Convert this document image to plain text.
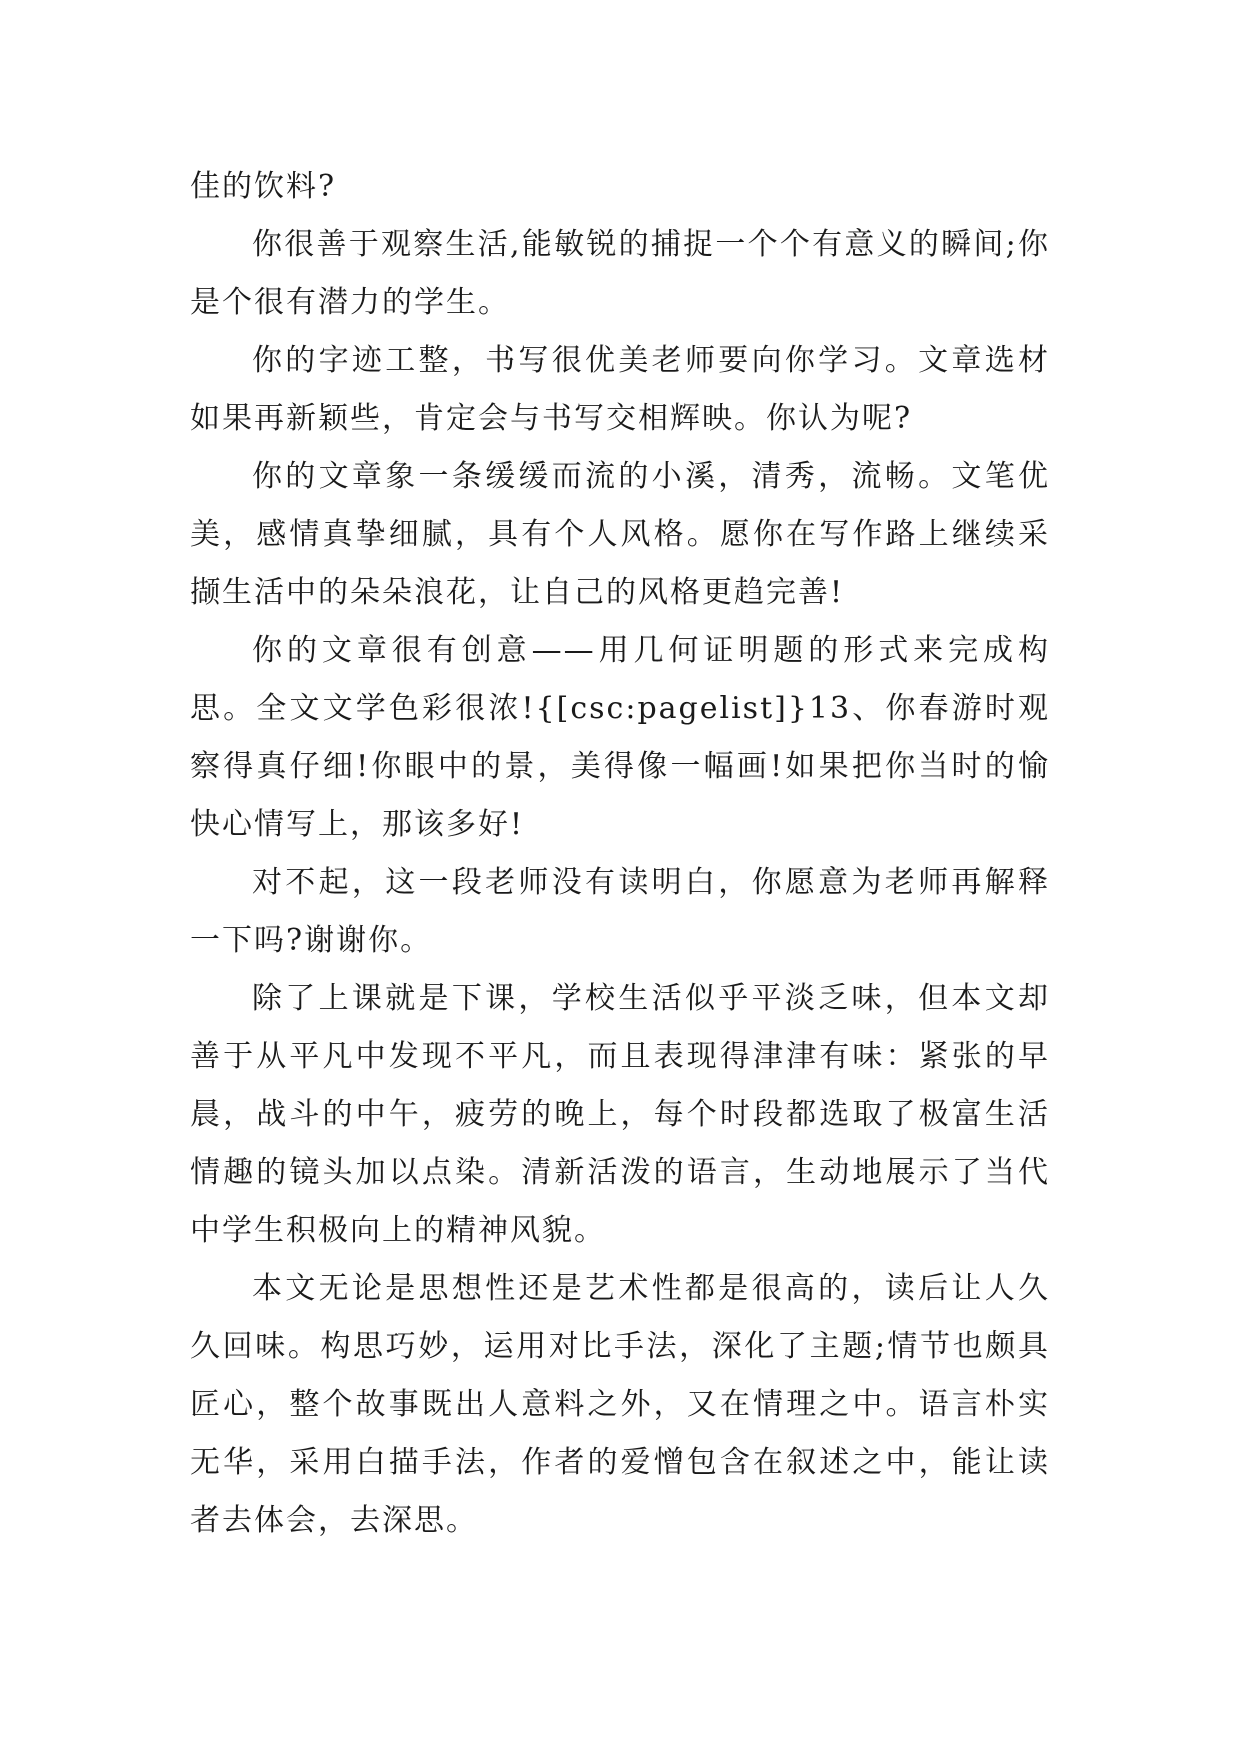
佳的饮料?

你很善于观察生活,能敏锐的捕捉一个个有意义的瞬间;你是个很有潜力的学生。

你的字迹工整，书写很优美老师要向你学习。文章选材如果再新颖些，肯定会与书写交相辉映。你认为呢?

你的文章象一条缓缓而流的小溪，清秀，流畅。文笔优美，感情真挚细腻，具有个人风格。愿你在写作路上继续采撷生活中的朵朵浪花，让自己的风格更趋完善!

你的文章很有创意——用几何证明题的形式来完成构思。全文文学色彩很浓!{[csc:pagelist]}13、你春游时观察得真仔细!你眼中的景，美得像一幅画!如果把你当时的愉快心情写上，那该多好!

对不起，这一段老师没有读明白，你愿意为老师再解释一下吗?谢谢你。

除了上课就是下课，学校生活似乎平淡乏味，但本文却善于从平凡中发现不平凡，而且表现得津津有味：紧张的早晨，战斗的中午，疲劳的晚上，每个时段都选取了极富生活情趣的镜头加以点染。清新活泼的语言，生动地展示了当代中学生积极向上的精神风貌。

本文无论是思想性还是艺术性都是很高的，读后让人久久回味。构思巧妙，运用对比手法，深化了主题;情节也颇具匠心，整个故事既出人意料之外，又在情理之中。语言朴实无华，采用白描手法，作者的爱憎包含在叙述之中，能让读者去体会，去深思。
